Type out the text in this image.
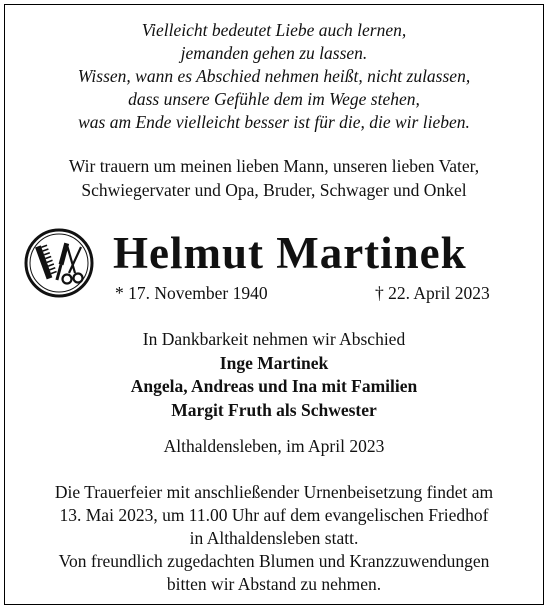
Vielleicht bedeutet Liebe auch lernen,
jemanden gehen zu lassen.
Wissen, wann es Abschied nehmen heißt, nicht zulassen,
dass unsere Gefühle dem im Wege stehen,
was am Ende vielleicht besser ist für die, die wir lieben.
Wir trauern um meinen lieben Mann, unseren lieben Vater,
Schwiegervater und Opa, Bruder, Schwager und Onkel
Helmut Martinek
* 17. November 1940	† 22. April 2023
In Dankbarkeit nehmen wir Abschied
Inge Martinek
Angela, Andreas und Ina mit Familien
Margit Fruth als Schwester
Althaldensleben, im April 2023
Die Trauerfeier mit anschließender Urnenbeisetzung findet am
13. Mai 2023, um 11.00 Uhr auf dem evangelischen Friedhof
in Althaldensleben statt.
Von freundlich zugedachten Blumen und Kranzzuwendungen
bitten wir Abstand zu nehmen.
